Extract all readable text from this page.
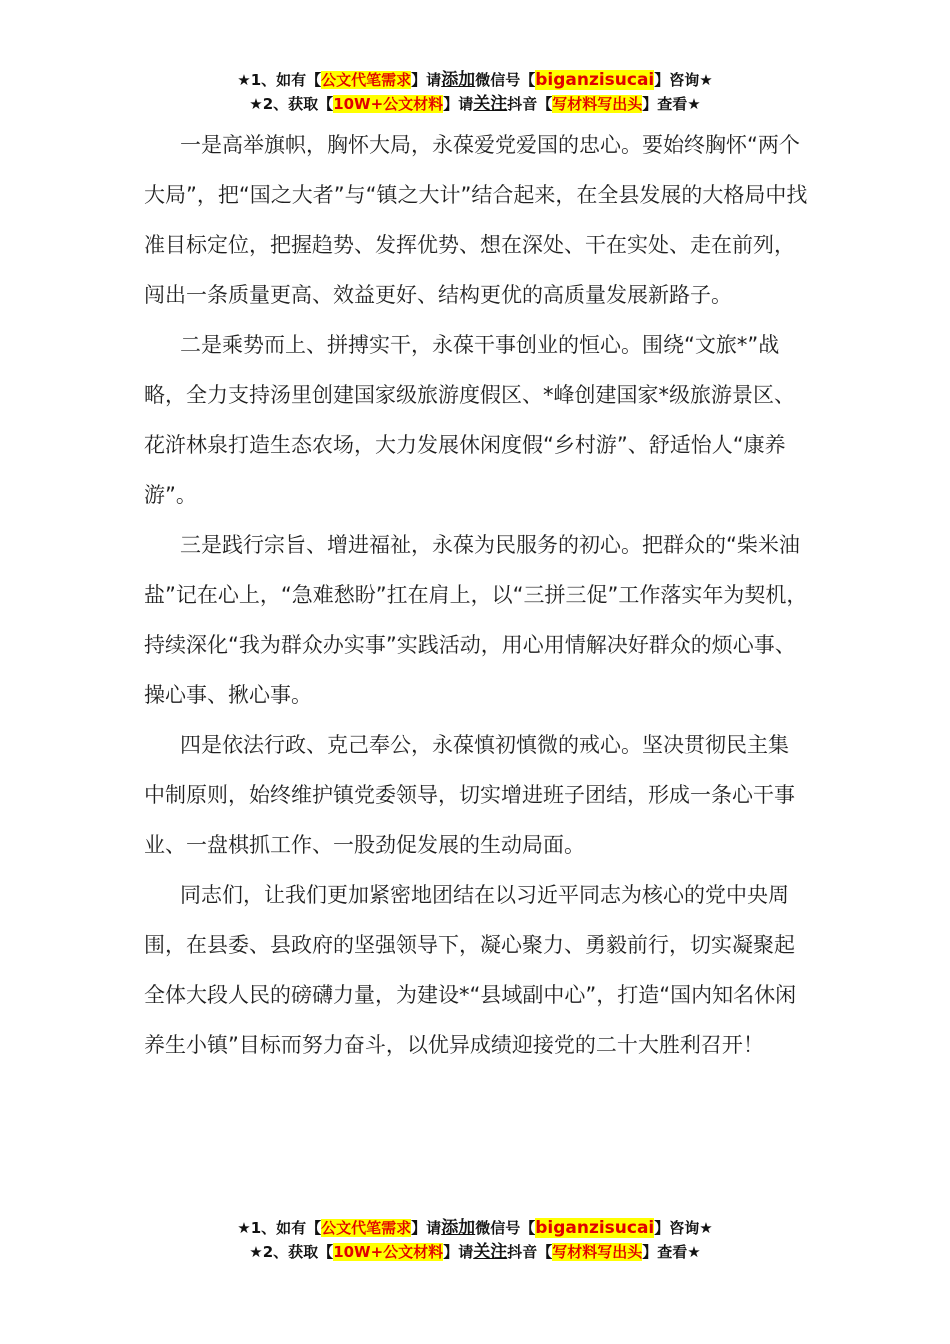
★1、如有【公文代笔需求】请添加微信号【biganzisucai】咨询★
★2、获取【10W+公文材料】请关注抖音【写材料写出头】查看★

一是高举旗帜，胸怀大局，永葆爱党爱国的忠心。要始终胸怀“两个大局”，把“国之大者”与“镇之大计”结合起来，在全县发展的大格局中找准目标定位，把握趋势、发挥优势、想在深处、干在实处、走在前列，闯出一条质量更高、效益更好、结构更优的高质量发展新路子。

二是乘势而上、拼搏实干，永葆干事创业的恒心。围绕“文旅*”战略，全力支持汤里创建国家级旅游度假区、*峰创建国家*级旅游景区、花浒林泉打造生态农场，大力发展休闲度假“乡村游”、舒适怡人“康养游”。

三是践行宗旨、增进福祉，永葆为民服务的初心。把群众的“柴米油盐”记在心上，“急难愁盼”扛在肩上，以“三拼三促”工作落实年为契机，持续深化“我为群众办实事”实践活动，用心用情解决好群众的烦心事、操心事、揪心事。

四是依法行政、克己奉公，永葆慎初慎微的戒心。坚决贯彻民主集中制原则，始终维护镇党委领导，切实增进班子团结，形成一条心干事业、一盘棋抓工作、一股劲促发展的生动局面。

同志们，让我们更加紧密地团结在以习近平同志为核心的党中央周围，在县委、县政府的坚强领导下，凝心聚力、勇毅前行，切实凝聚起全体大段人民的磅礴力量，为建设*“县域副中心”，打造“国内知名休闲养生小镇”目标而努力奋斗，以优异成绩迎接党的二十大胜利召开！

★1、如有【公文代笔需求】请添加微信号【biganzisucai】咨询★
★2、获取【10W+公文材料】请关注抖音【写材料写出头】查看★
